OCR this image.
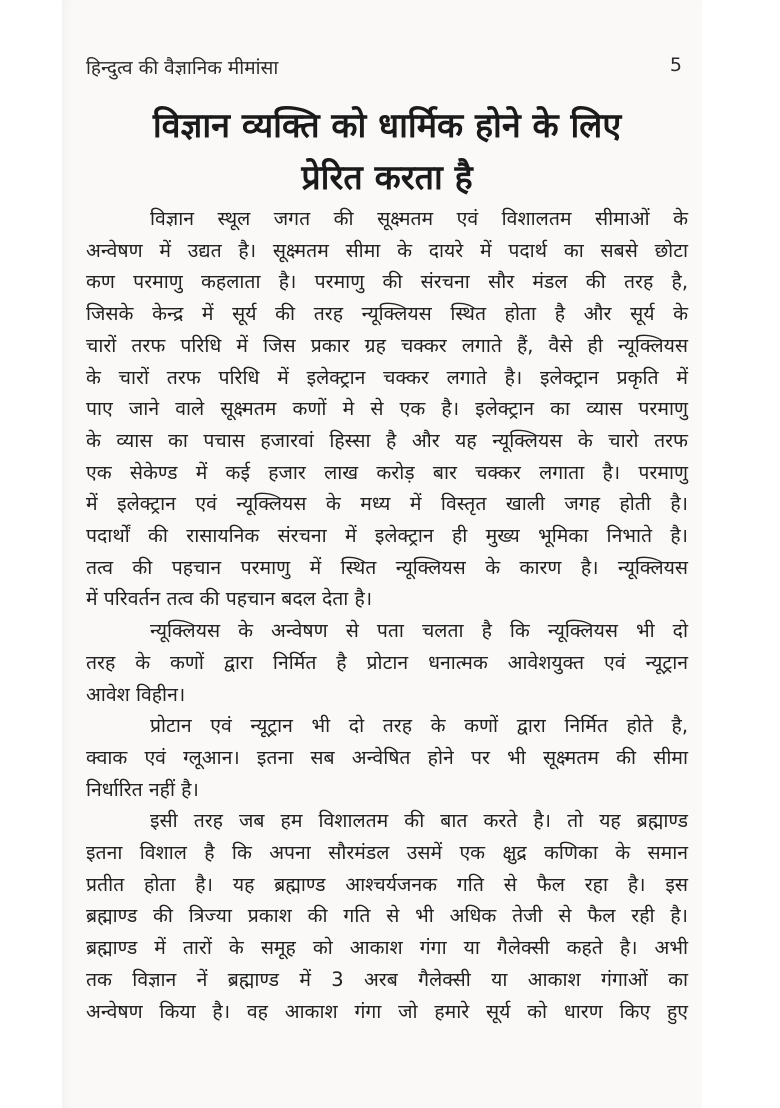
हिन्दुत्व की वैज्ञानिक मीमांसा	5
विज्ञान व्यक्ति को धार्मिक होने के लिए
प्रेरित करता है

विज्ञान स्थूल जगत की सूक्ष्मतम एवं विशालतम सीमाओं के
अन्वेषण में उद्यत है। सूक्ष्मतम सीमा के दायरे में पदार्थ का सबसे छोटा
कण परमाणु कहलाता है। परमाणु की संरचना सौर मंडल की तरह है,
जिसके केन्द्र में सूर्य की तरह न्यूक्लियस स्थित होता है और सूर्य के
चारों तरफ परिधि में जिस प्रकार ग्रह चक्कर लगाते हैं, वैसे ही न्यूक्लियस
के चारों तरफ परिधि में इलेक्ट्रान चक्कर लगाते है। इलेक्ट्रान प्रकृति में
पाए जाने वाले सूक्ष्मतम कणों मे से एक है। इलेक्ट्रान का व्यास परमाणु
के व्यास का पचास हजारवां हिस्सा है और यह न्यूक्लियस के चारो तरफ
एक सेकेण्ड में कई हजार लाख करोड़ बार चक्कर लगाता है। परमाणु
में इलेक्ट्रान एवं न्यूक्लियस के मध्य में विस्तृत खाली जगह होती है।
पदार्थों की रासायनिक संरचना में इलेक्ट्रान ही मुख्य भूमिका निभाते है।
तत्व की पहचान परमाणु में स्थित न्यूक्लियस के कारण है। न्यूक्लियस
में परिवर्तन तत्व की पहचान बदल देता है।

न्यूक्लियस के अन्वेषण से पता चलता है कि न्यूक्लियस भी दो
तरह के कणों द्वारा निर्मित है प्रोटान धनात्मक आवेशयुक्त एवं न्यूट्रान
आवेश विहीन।

प्रोटान एवं न्यूट्रान भी दो तरह के कणों द्वारा निर्मित होते है,
क्वाक एवं ग्लूआन। इतना सब अन्वेषित होने पर भी सूक्ष्मतम की सीमा
निर्धारित नहीं है।

इसी तरह जब हम विशालतम की बात करते है। तो यह ब्रह्माण्ड
इतना विशाल है कि अपना सौरमंडल उसमें एक क्षुद्र कणिका के समान
प्रतीत होता है। यह ब्रह्माण्ड आश्चर्यजनक गति से फैल रहा है। इस
ब्रह्माण्ड की त्रिज्या प्रकाश की गति से भी अधिक तेजी से फैल रही है।
ब्रह्माण्ड में तारों के समूह को आकाश गंगा या गैलेक्सी कहते है। अभी
तक विज्ञान नें ब्रह्माण्ड में 3 अरब गैलेक्सी या आकाश गंगाओं का
अन्वेषण किया है। वह आकाश गंगा जो हमारे सूर्य को धारण किए हुए
